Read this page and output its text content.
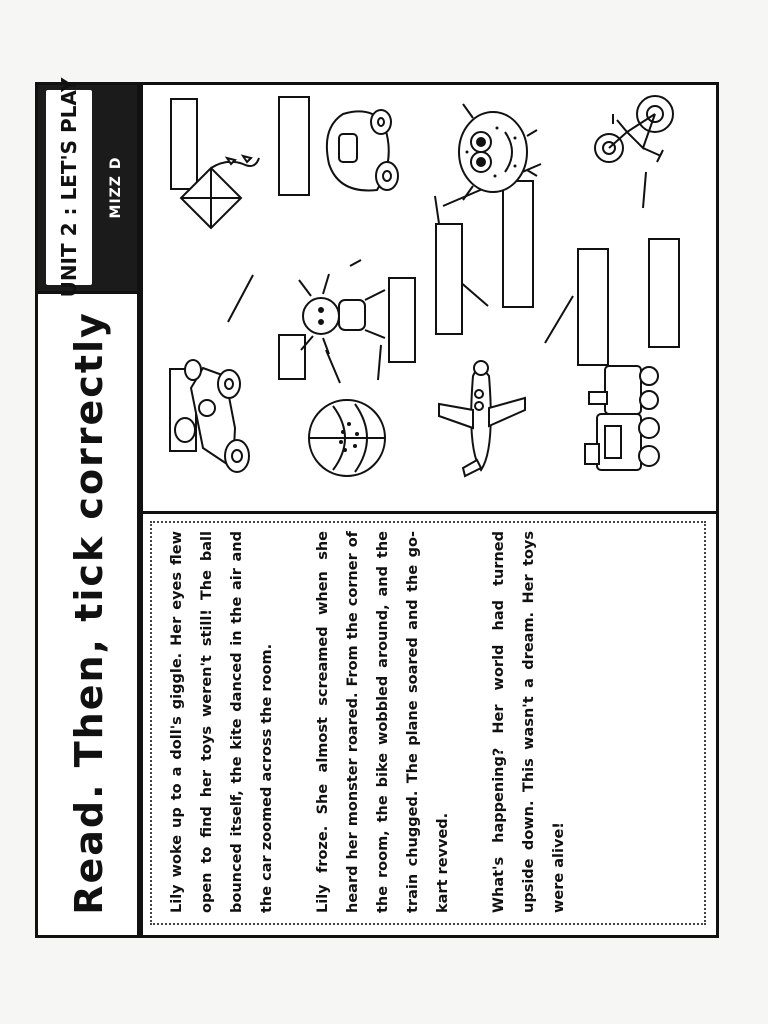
Read. Then, tick correctly
UNIT 2 : LET'S PLAY	MIZZ D

Lily woke up to a doll's giggle. Her eyes flew open to find her toys weren't still! The ball bounced itself, the kite danced in the air and the car zoomed across the room.	Lily froze. She almost screamed when she heard her monster roared. From the corner of the room, the bike wobbled around, and the train chugged. The plane soared and the go-kart revved.	What's happening? Her world had turned upside down. This wasn't a dream. Her toys were alive!
